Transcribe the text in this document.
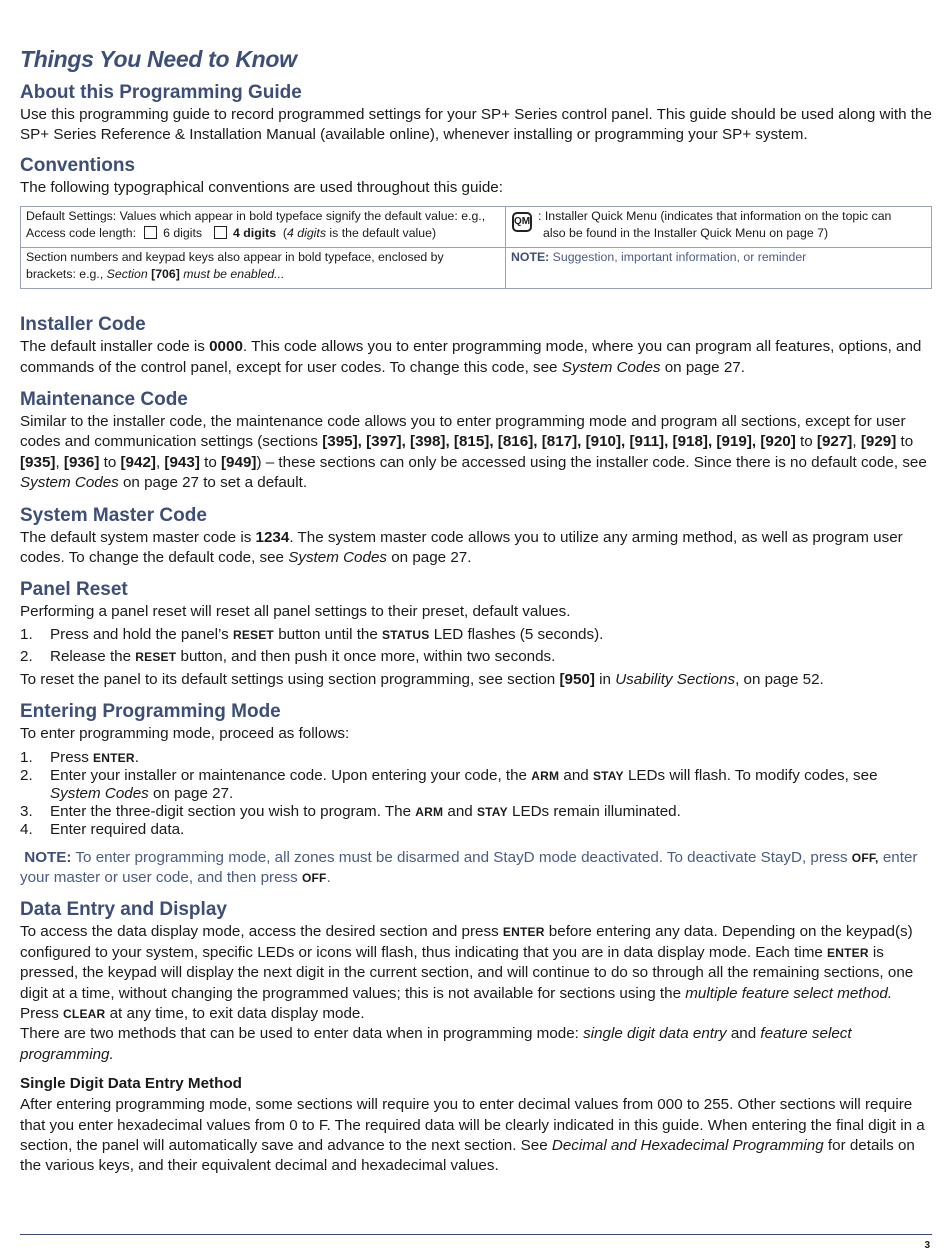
Things You Need to Know
About this Programming Guide

Use this programming guide to record programmed settings for your SP+ Series control panel. This guide should be used along with the SP+ Series Reference & Installation Manual (available online), whenever installing or programming your SP+ system.

Conventions

The following typographical conventions are used throughout this guide:

Default Settings: Values which appear in bold typeface signify the default value: e.g.,
Access code length: 6 digits 4 digits  (4 digits is the default value)	QM : Installer Quick Menu (indicates that information on the topic can
also be found in the Installer Quick Menu on page 7)
Section numbers and keypad keys also appear in bold typeface, enclosed by
brackets: e.g., Section [706] must be enabled...	NOTE: Suggestion, important information, or reminder
Installer Code

The default installer code is 0000. This code allows you to enter programming mode, where you can program all features, options, and commands of the control panel, except for user codes. To change this code, see System Codes on page 27.

Maintenance Code

Similar to the installer code, the maintenance code allows you to enter programming mode and program all sections, except for user codes and communication settings (sections [395], [397], [398], [815], [816], [817], [910], [911], [918], [919], [920] to [927], [929] to [935], [936] to [942], [943] to [949]) – these sections can only be accessed using the installer code. Since there is no default code, see System Codes on page 27 to set a default.

System Master Code

The default system master code is 1234. The system master code allows you to utilize any arming method, as well as program user codes. To change the default code, see System Codes on page 27.

Panel Reset

Performing a panel reset will reset all panel settings to their preset, default values.

1. Press and hold the panel’s RESET button until the STATUS LED flashes (5 seconds).
2. Release the RESET button, and then push it once more, within two seconds.

To reset the panel to its default settings using section programming, see section [950] in Usability Sections, on page 52.

Entering Programming Mode

To enter programming mode, proceed as follows:

1. Press ENTER.
2. Enter your installer or maintenance code. Upon entering your code, the ARM and STAY LEDs will flash. To modify codes, see System Codes on page 27.
3. Enter the three-digit section you wish to program. The ARM and STAY LEDs remain illuminated.
4. Enter required data.

NOTE: To enter programming mode, all zones must be disarmed and StayD mode deactivated. To deactivate StayD, press OFF, enter your master or user code, and then press OFF.

Data Entry and Display

To access the data display mode, access the desired section and press ENTER before entering any data. Depending on the keypad(s) configured to your system, specific LEDs or icons will flash, thus indicating that you are in data display mode. Each time ENTER is pressed, the keypad will display the next digit in the current section, and will continue to do so through all the remaining sections, one digit at a time, without changing the programmed values; this is not available for sections using the multiple feature select method. Press CLEAR at any time, to exit data display mode.

There are two methods that can be used to enter data when in programming mode: single digit data entry and feature select programming.

Single Digit Data Entry Method

After entering programming mode, some sections will require you to enter decimal values from 000 to 255. Other sections will require that you enter hexadecimal values from 0 to F. The required data will be clearly indicated in this guide. When entering the final digit in a section, the panel will automatically save and advance to the next section. See Decimal and Hexadecimal Programming for details on the various keys, and their equivalent decimal and hexadecimal values.

3
